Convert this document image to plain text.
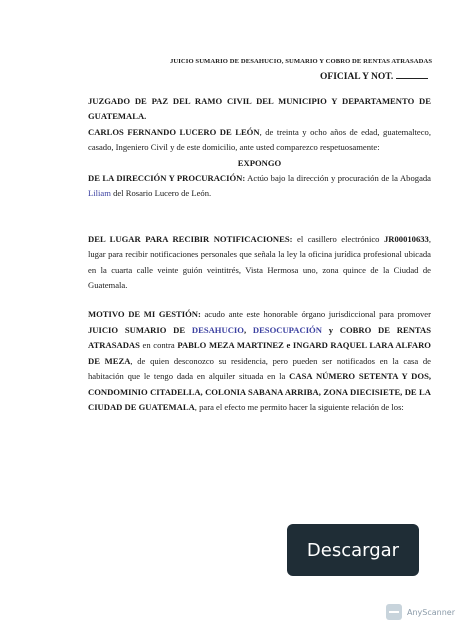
JUICIO SUMARIO DE DESAHUCIO, SUMARIO Y COBRO DE RENTAS ATRASADAS
OFICIAL Y NOT.

JUZGADO DE PAZ DEL RAMO CIVIL DEL MUNICIPIO Y DEPARTAMENTO DE GUATEMALA.

CARLOS FERNANDO LUCERO DE LEÓN, de treinta y ocho años de edad, guatemalteco, casado, Ingeniero Civil y de este domicilio, ante usted comparezco respetuosamente:

EXPONGO

DE LA DIRECCIÓN Y PROCURACIÓN: Actúo bajo la dirección y procuración de la Abogada Liliam del Rosario Lucero de León.

DEL LUGAR PARA RECIBIR NOTIFICACIONES: el casillero electrónico JR00010633, lugar para recibir notificaciones personales que señala la ley la oficina jurídica profesional ubicada en la cuarta calle veinte guión veintitrés, Vista Hermosa uno, zona quince de la Ciudad de Guatemala.

MOTIVO DE MI GESTIÓN: acudo ante este honorable órgano jurisdiccional para promover JUICIO SUMARIO DE DESAHUCIO, DESOCUPACIÓN y COBRO DE RENTAS ATRASADAS en contra PABLO MEZA MARTINEZ e INGARD RAQUEL LARA ALFARO DE MEZA, de quien desconozco su residencia, pero pueden ser notificados en la casa de habitación que le tengo dada en alquiler situada en la CASA NÚMERO SETENTA Y DOS, CONDOMINIO CITADELLA, COLONIA SABANA ARRIBA, ZONA DIECISIETE, DE LA CIUDAD DE GUATEMALA, para el efecto me permito hacer la siguiente relación de los:

Descargar
AnyScanner
